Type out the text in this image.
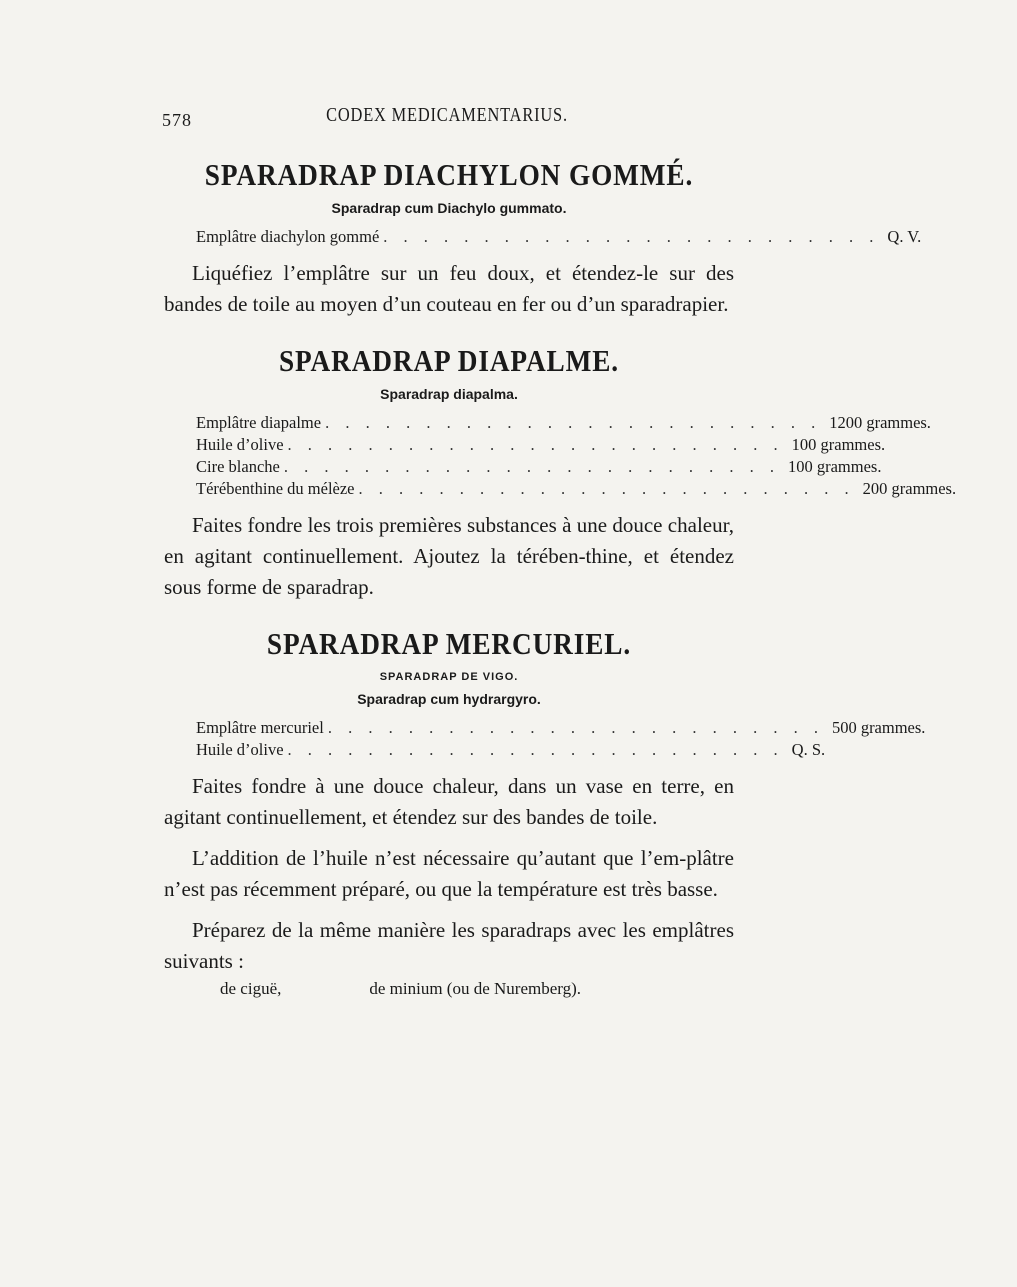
578	CODEX MEDICAMENTARIUS.
SPARADRAP DIACHYLON GOMMÉ.
Sparadrap cum Diachylo gummato.
Emplâtre diachylon gommé . . . . . . . . . . . . . . . . . . . . . . . . . Q. V.

Liquéfiez l’emplâtre sur un feu doux, et étendez-le sur des bandes de toile au moyen d’un couteau en fer ou d’un sparadrapier.

SPARADRAP DIAPALME.
Sparadrap diapalma.
Emplâtre diapalme . . . . . . . . . . . . . . . . . . . . . . . . . 1200 grammes.
Huile d’olive . . . . . . . . . . . . . . . . . . . . . . . . . 100 grammes.
Cire blanche . . . . . . . . . . . . . . . . . . . . . . . . . 100 grammes.
Térébenthine du mélèze . . . . . . . . . . . . . . . . . . . . . . . . . 200 grammes.

Faites fondre les trois premières substances à une douce chaleur, en agitant continuellement. Ajoutez la térében-thine, et étendez sous forme de sparadrap.

SPARADRAP MERCURIEL.
SPARADRAP DE VIGO.
Sparadrap cum hydrargyro.
Emplâtre mercuriel . . . . . . . . . . . . . . . . . . . . . . . . . 500 grammes.
Huile d’olive . . . . . . . . . . . . . . . . . . . . . . . . . Q. S.

Faites fondre à une douce chaleur, dans un vase en terre, en agitant continuellement, et étendez sur des bandes de toile.

L’addition de l’huile n’est nécessaire qu’autant que l’em-plâtre n’est pas récemment préparé, ou que la température est très basse.

Préparez de la même manière les sparadraps avec les emplâtres suivants :

de ciguë,	de minium (ou de Nuremberg).
